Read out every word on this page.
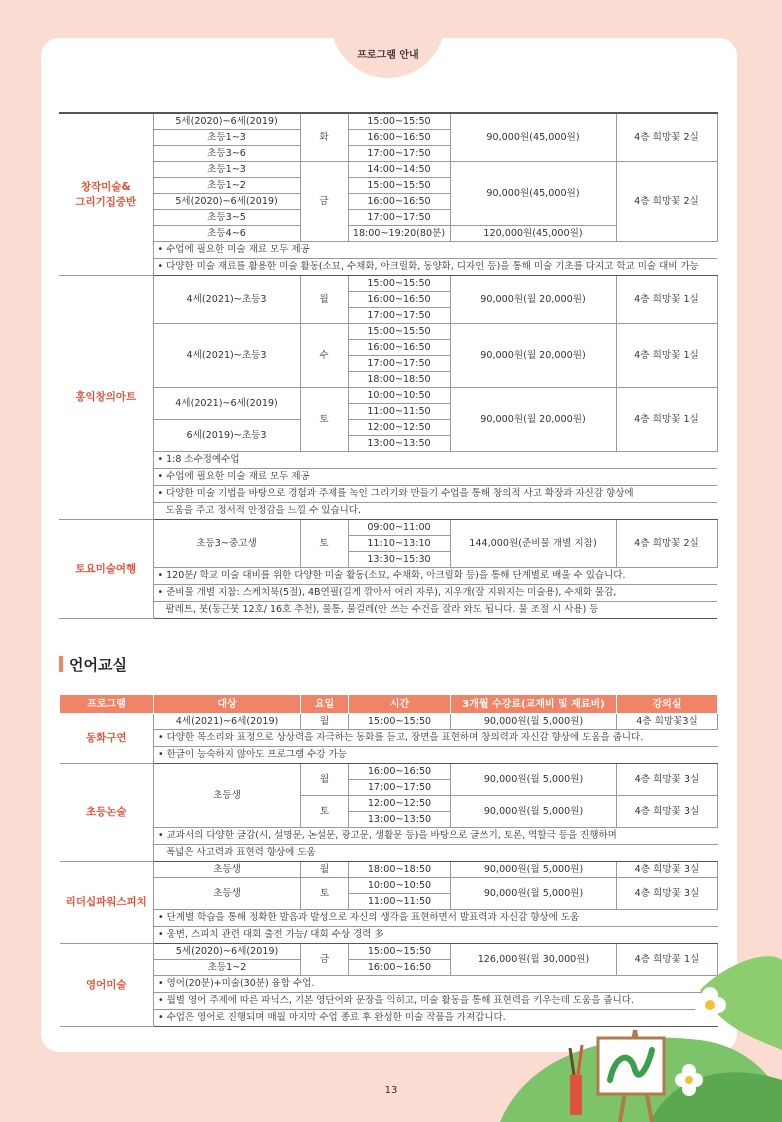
프로그램 안내
창작미술&
그리기집중반	5세(2020)~6세(2019)	화	15:00~15:50	90,000원(45,000원)	4층 희망꽃 2실
	초등1~3		16:00~16:50		
	초등3~6		17:00~17:50		
	초등1~3	금	14:00~14:50	90,000원(45,000원)	4층 희망꽃 2실
	초등1~2		15:00~15:50		
	5세(2020)~6세(2019)		16:00~16:50		
	초등3~5		17:00~17:50		
	초등4~6		18:00~19:20(80분)	120,000원(45,000원)	
	• 수업에 필요한 미술 재료 모두 제공				
	• 다양한 미술 재료를 활용한 미술 활동(소묘, 수채화, 아크릴화, 동양화, 디자인 등)을 통해 미술 기초를 다지고 학교 미술 대비 가능				
홍익창의아트	4세(2021)~초등3	월	15:00~15:50	90,000원(월 20,000원)	4층 희망꽃 1실
			16:00~16:50		
			17:00~17:50		
	4세(2021)~초등3	수	15:00~15:50	90,000원(월 20,000원)	4층 희망꽃 1실
			16:00~16:50		
			17:00~17:50		
			18:00~18:50		
	4세(2021)~6세(2019)	토	10:00~10:50	90,000원(월 20,000원)	4층 희망꽃 1실
			11:00~11:50		
	6세(2019)~초등3		12:00~12:50		
			13:00~13:50		
	• 1:8 소수정예수업				
	• 수업에 필요한 미술 재료 모두 제공				
	• 다양한 미술 기법을 바탕으로 경험과 주제를 녹인 그리기와 만들기 수업을 통해 창의적 사고 확장과 자신감 향상에				
	도움을 주고 정서적 안정감을 느낄 수 있습니다.				
토요미술여행	초등3~중고생	토	09:00~11:00	144,000원(준비물 개별 지참)	4층 희망꽃 2실
			11:10~13:10		
			13:30~15:30		
	• 120분/ 학교 미술 대비를 위한 다양한 미술 활동(소묘, 수채화, 아크릴화 등)을 통해 단계별로 배울 수 있습니다.				
	• 준비물 개별 지참: 스케치북(5절), 4B연필(길게 깎아서 여러 자루), 지우개(잘 지워지는 미술용), 수채화 물감,				
	팔레트, 붓(둥근붓 12호/ 16호 추천), 물통, 물걸레(안 쓰는 수건을 잘라 와도 됩니다. 물 조절 시 사용) 등				
언어교실
프로그램	대상	요일	시간	3개월 수강료(교재비 및 재료비)	강의실
동화구연	4세(2021)~6세(2019)	월	15:00~15:50	90,000원(월 5,000원)	4층 희망꽃3실
	• 다양한 목소리와 표정으로 상상력을 자극하는 동화를 듣고, 장면을 표현하며 창의력과 자신감 향상에 도움을 줍니다.				
	• 한글이 능숙하지 않아도 프로그램 수강 가능				
초등논술	초등생	월	16:00~16:50	90,000원(월 5,000원)	4층 희망꽃 3실
			17:00~17:50		
		토	12:00~12:50	90,000원(월 5,000원)	4층 희망꽃 3실
			13:00~13:50		
	• 교과서의 다양한 글감(시, 설명문, 논설문, 광고문, 생활문 등)을 바탕으로 글쓰기, 토론, 역할극 등을 진행하며				
	폭넓은 사고력과 표현력 향상에 도움				
리더십파워스피치	초등생	월	18:00~18:50	90,000원(월 5,000원)	4층 희망꽃 3실
	초등생	토	10:00~10:50	90,000원(월 5,000원)	4층 희망꽃 3실
			11:00~11:50		
	• 단계별 학습을 통해 정확한 발음과 발성으로 자신의 생각을 표현하면서 발표력과 자신감 향상에 도움				
	• 웅변, 스피치 관련 대회 출전 가능/ 대회 수상 경력 多				
영어미술	5세(2020)~6세(2019)	금	15:00~15:50	126,000원(월 30,000원)	4층 희망꽃 1실
	초등1~2		16:00~16:50		
	• 영어(20분)+미술(30분) 융합 수업.				
	• 월별 영어 주제에 따른 파닉스, 기본 영단어와 문장을 익히고, 미술 활동을 통해 표현력을 키우는데 도움을 줍니다.				
	• 수업은 영어로 진행되며 매월 마지막 수업 종료 후 완성한 미술 작품을 가져갑니다.				
13
